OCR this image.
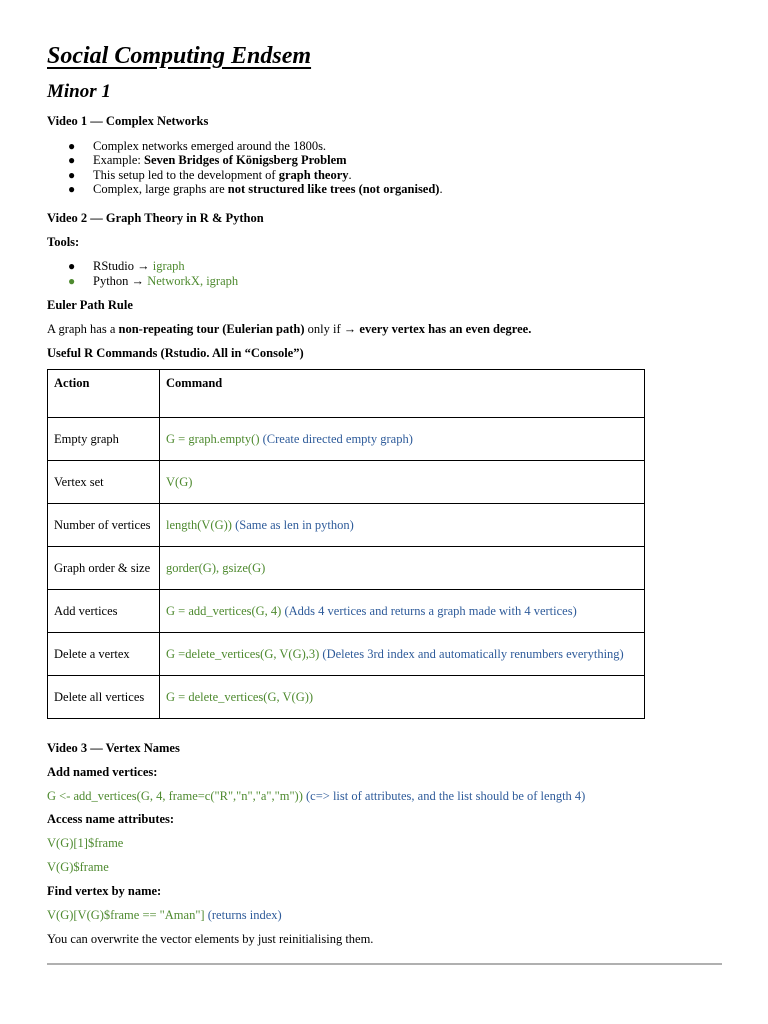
Social Computing Endsem
Minor 1
Video 1 — Complex Networks
● Complex networks emerged around the 1800s.
● Example: Seven Bridges of Königsberg Problem
● This setup led to the development of graph theory.
● Complex, large graphs are not structured like trees (not organised).
Video 2 — Graph Theory in R & Python
Tools:
● RStudio → igraph
● Python → NetworkX, igraph
Euler Path Rule
A graph has a non-repeating tour (Eulerian path) only if → every vertex has an even degree.
Useful R Commands (Rstudio. All in “Console”)
Action	Command
Empty graph	G = graph.empty() (Create directed empty graph)
Vertex set	V(G)
Number of vertices	length(V(G)) (Same as len in python)
Graph order & size	gorder(G), gsize(G)
Add vertices	G = add_vertices(G, 4) (Adds 4 vertices and returns a graph made with 4 vertices)
Delete a vertex	G =delete_vertices(G, V(G),3) (Deletes 3rd index and automatically renumbers everything)
Delete all vertices	G = delete_vertices(G, V(G))
Video 3 — Vertex Names
Add named vertices:
G <- add_vertices(G, 4, frame=c("R","n","a","m")) (c=> list of attributes, and the list should be of length 4)
Access name attributes:
V(G)[1]$frame
V(G)$frame
Find vertex by name:
V(G)[V(G)$frame == "Aman"] (returns index)
You can overwrite the vector elements by just reinitialising them.
